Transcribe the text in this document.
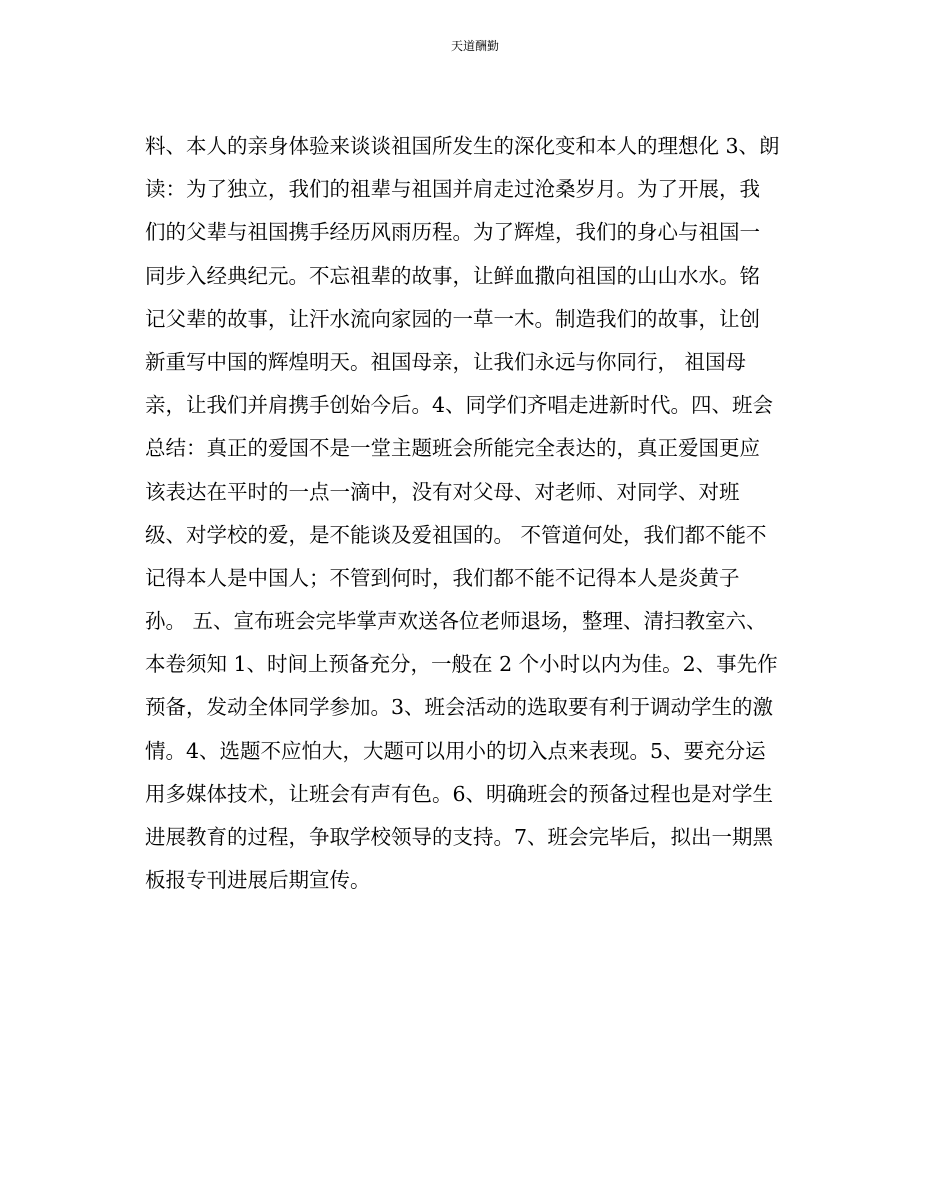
天道酬勤
料、本人的亲身体验来谈谈祖国所发生的深化变和本人的理想化 3、朗
读：为了独立，我们的祖辈与祖国并肩走过沧桑岁月。为了开展，我
们的父辈与祖国携手经历风雨历程。为了辉煌，我们的身心与祖国一
同步入经典纪元。不忘祖辈的故事，让鲜血撒向祖国的山山水水。铭
记父辈的故事，让汗水流向家园的一草一木。制造我们的故事，让创
新重写中国的辉煌明天。祖国母亲，让我们永远与你同行， 祖国母
亲，让我们并肩携手创始今后。4、同学们齐唱走进新时代。四、班会
总结：真正的爱国不是一堂主题班会所能完全表达的，真正爱国更应
该表达在平时的一点一滴中，没有对父母、对老师、对同学、对班
级、对学校的爱，是不能谈及爱祖国的。 不管道何处，我们都不能不
记得本人是中国人；不管到何时，我们都不能不记得本人是炎黄子
孙。 五、宣布班会完毕掌声欢送各位老师退场，整理、清扫教室六、
本卷须知 1、时间上预备充分，一般在 2 个小时以内为佳。2、事先作
预备，发动全体同学参加。3、班会活动的选取要有利于调动学生的激
情。4、选题不应怕大，大题可以用小的切入点来表现。5、要充分运
用多媒体技术，让班会有声有色。6、明确班会的预备过程也是对学生
进展教育的过程，争取学校领导的支持。7、班会完毕后，拟出一期黑
板报专刊进展后期宣传。
